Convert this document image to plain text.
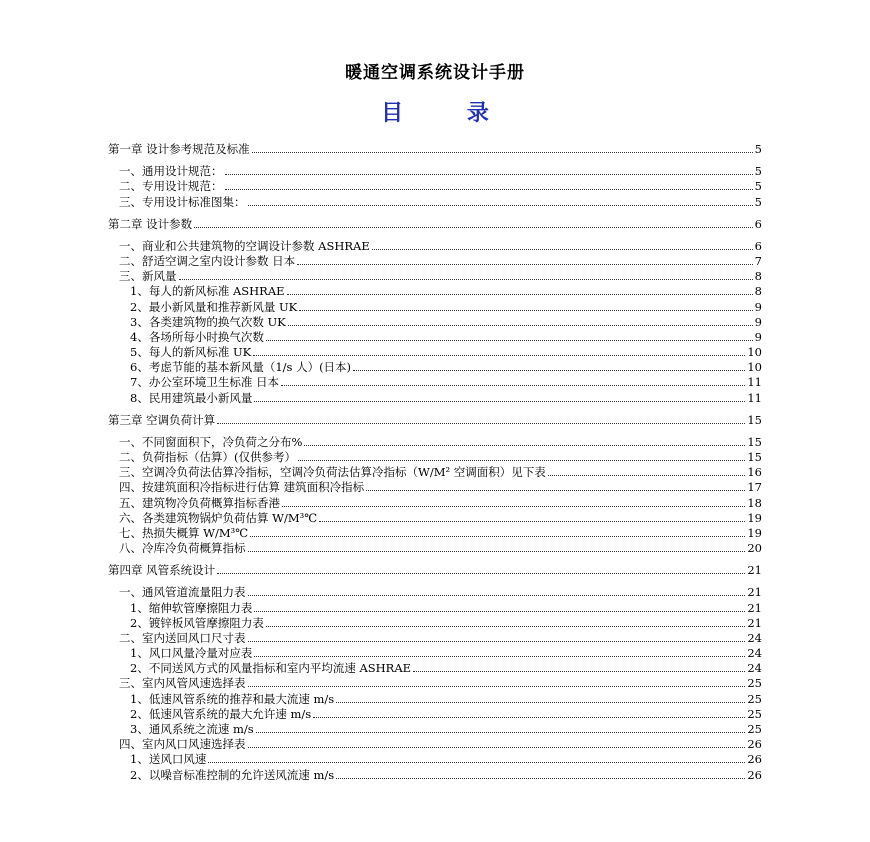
暖通空调系统设计手册
目 录
第一章 设计参考规范及标准	5
一、通用设计规范：	5
二、专用设计规范：	5
三、专用设计标准图集：	5
第二章 设计参数	6
一、商业和公共建筑物的空调设计参数 ASHRAE	6
二、舒适空调之室内设计参数 日本	7
三、新风量	8
1、每人的新风标准 ASHRAE	8
2、最小新风量和推荐新风量 UK	9
3、各类建筑物的换气次数 UK	9
4、各场所每小时换气次数	9
5、每人的新风标准 UK	10
6、考虑节能的基本新风量（1/s 人）(日本)	10
7、办公室环境卫生标准 日本	11
8、民用建筑最小新风量	11
第三章 空调负荷计算	15
一、不同窗面积下，冷负荷之分布%	15
二、负荷指标（估算）(仅供参考）	15
三、空调冷负荷法估算冷指标，空调冷负荷法估算冷指标（W/M² 空调面积）见下表	16
四、按建筑面积冷指标进行估算 建筑面积冷指标	17
五、建筑物冷负荷概算指标香港	18
六、各类建筑物锅炉负荷估算 W/M³℃	19
七、热损失概算 W/M³℃	19
八、冷库冷负荷概算指标	20
第四章 风管系统设计	21
一、通风管道流量阻力表	21
1、缩伸软管摩擦阻力表	21
2、镀锌板风管摩擦阻力表	21
二、室内送回风口尺寸表	24
1、风口风量冷量对应表	24
2、不同送风方式的风量指标和室内平均流速 ASHRAE	24
三、室内风管风速选择表	25
1、低速风管系统的推荐和最大流速 m/s	25
2、低速风管系统的最大允许速 m/s	25
3、通风系统之流速 m/s	25
四、室内风口风速选择表	26
1、送风口风速	26
2、以噪音标准控制的允许送风流速 m/s	26
